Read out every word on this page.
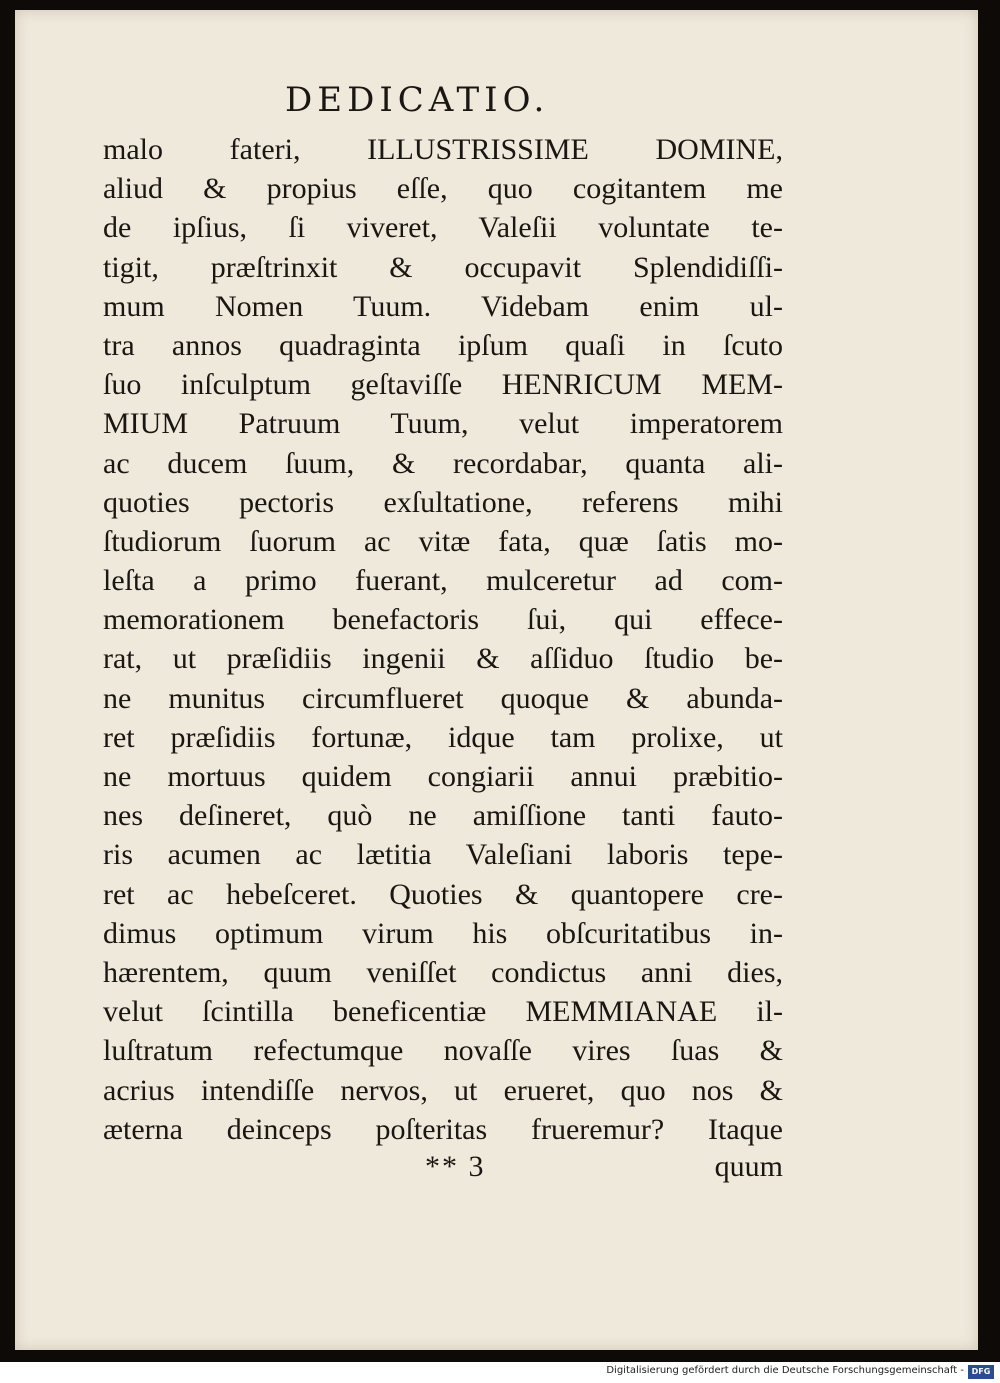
DEDICATIO.
malo fateri, ILLUSTRISSIME DOMINE,
aliud & propius eſſe, quo cogitantem me
de ipſius, ſi viveret, Valeſii voluntate te-
tigit, præſtrinxit & occupavit Splendidiſſi-
mum Nomen Tuum. Videbam enim ul-
tra annos quadraginta ipſum quaſi in ſcuto
ſuo inſculptum geſtaviſſe HENRICUM MEM-
MIUM Patruum Tuum, velut imperatorem
ac ducem ſuum, & recordabar, quanta ali-
quoties pectoris exſultatione, referens mihi
ſtudiorum ſuorum ac vitæ fata, quæ ſatis mo-
leſta a primo fuerant, mulceretur ad com-
memorationem benefactoris ſui, qui effece-
rat, ut præſidiis ingenii & aſſiduo ſtudio be-
ne munitus circumflueret quoque & abunda-
ret præſidiis fortunæ, idque tam prolixe, ut
ne mortuus quidem congiarii annui præbitio-
nes deſineret, quò ne amiſſione tanti fauto-
ris acumen ac lætitia Valeſiani laboris tepe-
ret ac hebeſceret. Quoties & quantopere cre-
dimus optimum virum his obſcuritatibus in-
hærentem, quum veniſſet condictus anni dies,
velut ſcintilla beneficentiæ MEMMIANAE il-
luſtratum refectumque novaſſe vires ſuas &
acrius intendiſſe nervos, ut erueret, quo nos &
æterna deinceps poſteritas frueremur? Itaque
** 3	quum
Digitalisierung gefördert durch die Deutsche Forschungsgemeinschaft - DFG
